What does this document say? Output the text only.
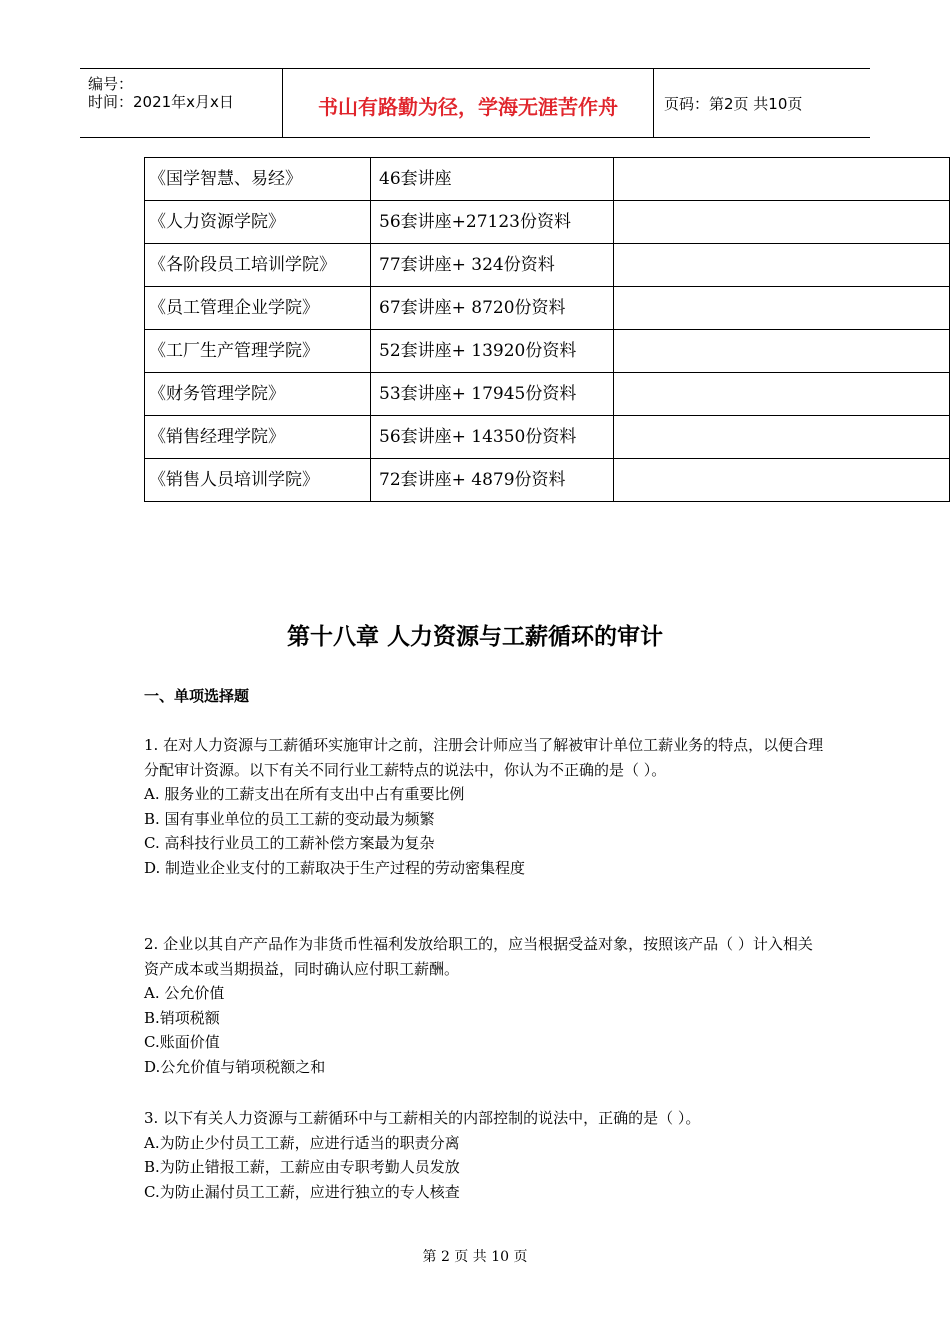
编号：
时间：2021年x月x日	书山有路勤为径，学海无涯苦作舟	页码：第2页 共10页
《国学智慧、易经》	46套讲座	
《人力资源学院》	56套讲座+27123份资料	
《各阶段员工培训学院》	77套讲座+ 324份资料	
《员工管理企业学院》	67套讲座+ 8720份资料	
《工厂生产管理学院》	52套讲座+ 13920份资料	
《财务管理学院》	53套讲座+ 17945份资料	
《销售经理学院》	56套讲座+ 14350份资料	
《销售人员培训学院》	72套讲座+ 4879份资料	
第十八章 人力资源与工薪循环的审计
一、单项选择题

1. 在对人力资源与工薪循环实施审计之前，注册会计师应当了解被审计单位工薪业务的特点，以便合理分配审计资源。以下有关不同行业工薪特点的说法中，你认为不正确的是（ ）。

A. 服务业的工薪支出在所有支出中占有重要比例

B. 国有事业单位的员工工薪的变动最为频繁

C. 高科技行业员工的工薪补偿方案最为复杂

D. 制造业企业支付的工薪取决于生产过程的劳动密集程度

2. 企业以其自产产品作为非货币性福利发放给职工的，应当根据受益对象，按照该产品（ ）计入相关资产成本或当期损益，同时确认应付职工薪酬。

A. 公允价值

B.销项税额

C.账面价值

D.公允价值与销项税额之和

3. 以下有关人力资源与工薪循环中与工薪相关的内部控制的说法中，正确的是（ ）。

A.为防止少付员工工薪，应进行适当的职责分离

B.为防止错报工薪，工薪应由专职考勤人员发放

C.为防止漏付员工工薪，应进行独立的专人核查

第 2 页 共 10 页
